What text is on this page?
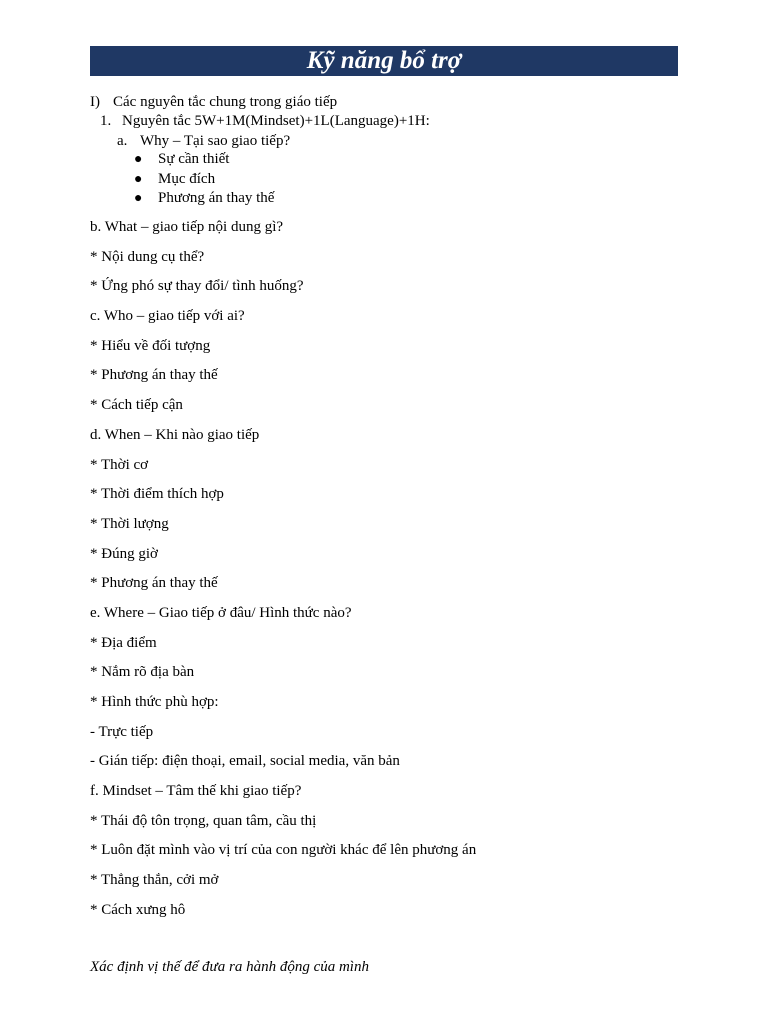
Kỹ năng bổ trợ
I) Các nguyên tắc chung trong giáo tiếp
1. Nguyên tắc 5W+1M(Mindset)+1L(Language)+1H:
a. Why – Tại sao giao tiếp?
●	Sự cần thiết
●	Mục đích
●	Phương án thay thế
b. What – giao tiếp nội dung gì?
* Nội dung cụ thể?
* Ứng phó sự thay đổi/ tình huống?
c. Who – giao tiếp với ai?
* Hiểu về đối tượng
* Phương án thay thế
* Cách tiếp cận
d. When – Khi nào giao tiếp
* Thời cơ
* Thời điểm thích hợp
* Thời lượng
* Đúng giờ
* Phương án thay thế
e. Where – Giao tiếp ở đâu/ Hình thức nào?
* Địa điểm
* Nắm rõ địa bàn
* Hình thức phù hợp:
- Trực tiếp
- Gián tiếp: điện thoại, email, social media, văn bản
f. Mindset – Tâm thế khi giao tiếp?
* Thái độ tôn trọng, quan tâm, cầu thị
* Luôn đặt mình vào vị trí của con người khác để lên phương án
* Thẳng thắn, cởi mở
* Cách xưng hô
Xác định vị thế để đưa ra hành động của mình
